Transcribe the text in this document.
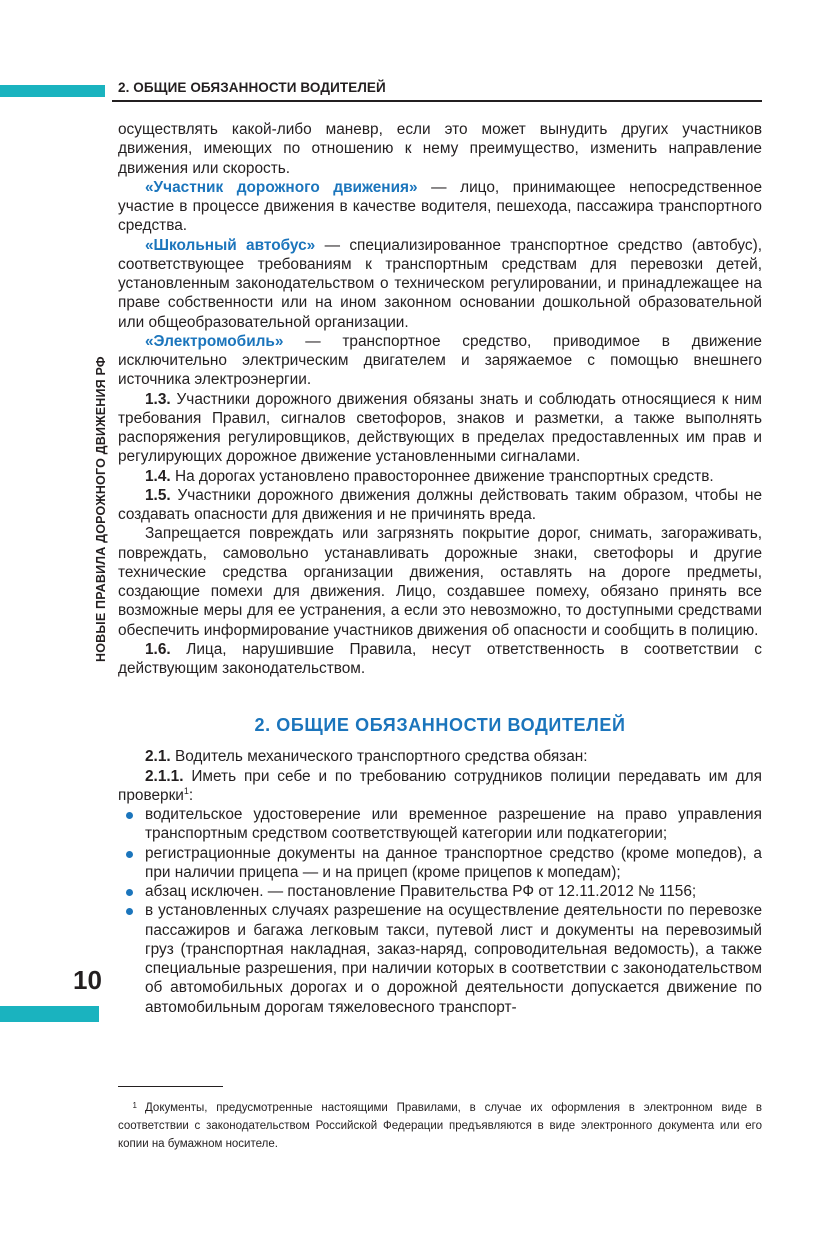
2. ОБЩИЕ ОБЯЗАННОСТИ ВОДИТЕЛЕЙ
НОВЫЕ ПРАВИЛА ДОРОЖНОГО ДВИЖЕНИЯ РФ
10

осуществлять какой-либо маневр, если это может вынудить других участников движения, имеющих по отношению к нему преимущество, изменить направление движения или скорость.

«Участник дорожного движения» — лицо, принимающее непосредственное участие в процессе движения в качестве водителя, пешехода, пассажира транспортного средства.

«Школьный автобус» — специализированное транспортное средство (автобус), соответствующее требованиям к транспортным средствам для перевозки детей, установленным законодательством о техническом регулировании, и принадлежащее на праве собственности или на ином законном основании дошкольной образовательной или общеобразовательной организации.

«Электромобиль» — транспортное средство, приводимое в движение исключительно электрическим двигателем и заряжаемое с помощью внешнего источника электроэнергии.

1.3. Участники дорожного движения обязаны знать и соблюдать относящиеся к ним требования Правил, сигналов светофоров, знаков и разметки, а также выполнять распоряжения регулировщиков, действующих в пределах предоставленных им прав и регулирующих дорожное движение установленными сигналами.

1.4. На дорогах установлено правостороннее движение транспортных средств.

1.5. Участники дорожного движения должны действовать таким образом, чтобы не создавать опасности для движения и не причинять вреда.

Запрещается повреждать или загрязнять покрытие дорог, снимать, загораживать, повреждать, самовольно устанавливать дорожные знаки, светофоры и другие технические средства организации движения, оставлять на дороге предметы, создающие помехи для движения. Лицо, создавшее помеху, обязано принять все возможные меры для ее устранения, а если это невозможно, то доступными средствами обеспечить информирование участников движения об опасности и сообщить в полицию.

1.6. Лица, нарушившие Правила, несут ответственность в соответствии с действующим законодательством.

2. ОБЩИЕ ОБЯЗАННОСТИ ВОДИТЕЛЕЙ

2.1. Водитель механического транспортного средства обязан:

2.1.1. Иметь при себе и по требованию сотрудников полиции передавать им для проверки$^1$:

водительское удостоверение или временное разрешение на право управления транспортным средством соответствующей категории или подкатегории;
регистрационные документы на данное транспортное средство (кроме мопедов), а при наличии прицепа — и на прицеп (кроме прицепов к мопедам);
абзац исключен. — постановление Правительства РФ от 12.11.2012 № 1156;
в установленных случаях разрешение на осуществление деятельности по перевозке пассажиров и багажа легковым такси, путевой лист и документы на перевозимый груз (транспортная накладная, заказ-наряд, сопроводительная ведомость), а также специальные разрешения, при наличии которых в соответствии с законодательством об автомобильных дорогах и о дорожной деятельности допускается движение по автомобильным дорогам тяжеловесного транспорт-
1 Документы, предусмотренные настоящими Правилами, в случае их оформления в электронном виде в соответствии с законодательством Российской Федерации предъявляются в виде электронного документа или его копии на бумажном носителе.
